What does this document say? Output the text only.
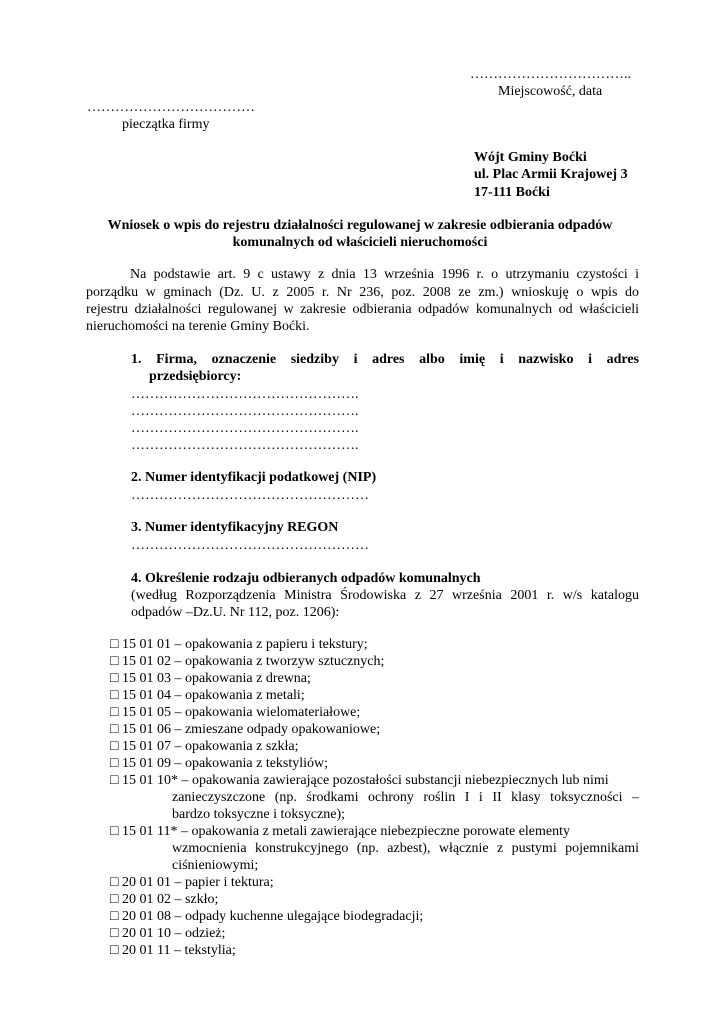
……………………………..
Miejscowość, data
………………………………
pieczątka firmy
Wójt Gminy Boćki
ul. Plac Armii Krajowej 3
17-111 Boćki
Wniosek o wpis do rejestru działalności regulowanej w zakresie odbierania odpadów
komunalnych od właścicieli nieruchomości
Na podstawie art. 9 c ustawy z dnia 13 września 1996 r. o utrzymaniu czystości i
porządku w gminach (Dz. U. z 2005 r. Nr 236, poz. 2008 ze zm.) wnioskuję o wpis do
rejestru działalności regulowanej w zakresie odbierania odpadów komunalnych od właścicieli
nieruchomości na terenie Gminy Boćki.
1. Firma, oznaczenie siedziby i adres albo imię i nazwisko i adres
przedsiębiorcy:
………………………………………….
………………………………………….
………………………………………….
………………………………………….
2. Numer identyfikacji podatkowej (NIP)
……………………………………………
3. Numer identyfikacyjny REGON
……………………………………………
4. Określenie rodzaju odbieranych odpadów komunalnych
(według Rozporządzenia Ministra Środowiska z 27 września 2001 r. w/s katalogu
odpadów –Dz.U. Nr 112, poz. 1206):
□ 15 01 01 – opakowania z papieru i tekstury;
□ 15 01 02 – opakowania z tworzyw sztucznych;
□ 15 01 03 – opakowania z drewna;
□ 15 01 04 – opakowania z metali;
□ 15 01 05 – opakowania wielomateriałowe;
□ 15 01 06 – zmieszane odpady opakowaniowe;
□ 15 01 07 – opakowania z szkła;
□ 15 01 09 – opakowania z tekstyliów;
□ 15 01 10* – opakowania zawierające pozostałości substancji niebezpiecznych lub nimi
zanieczyszczone (np. środkami ochrony roślin I i II klasy toksyczności –
bardzo toksyczne i toksyczne);
□ 15 01 11* – opakowania z metali zawierające niebezpieczne porowate elementy
wzmocnienia konstrukcyjnego (np. azbest), włącznie z pustymi pojemnikami
ciśnieniowymi;
□ 20 01 01 – papier i tektura;
□ 20 01 02 – szkło;
□ 20 01 08 – odpady kuchenne ulegające biodegradacji;
□ 20 01 10 – odzież;
□ 20 01 11 – tekstylia;
